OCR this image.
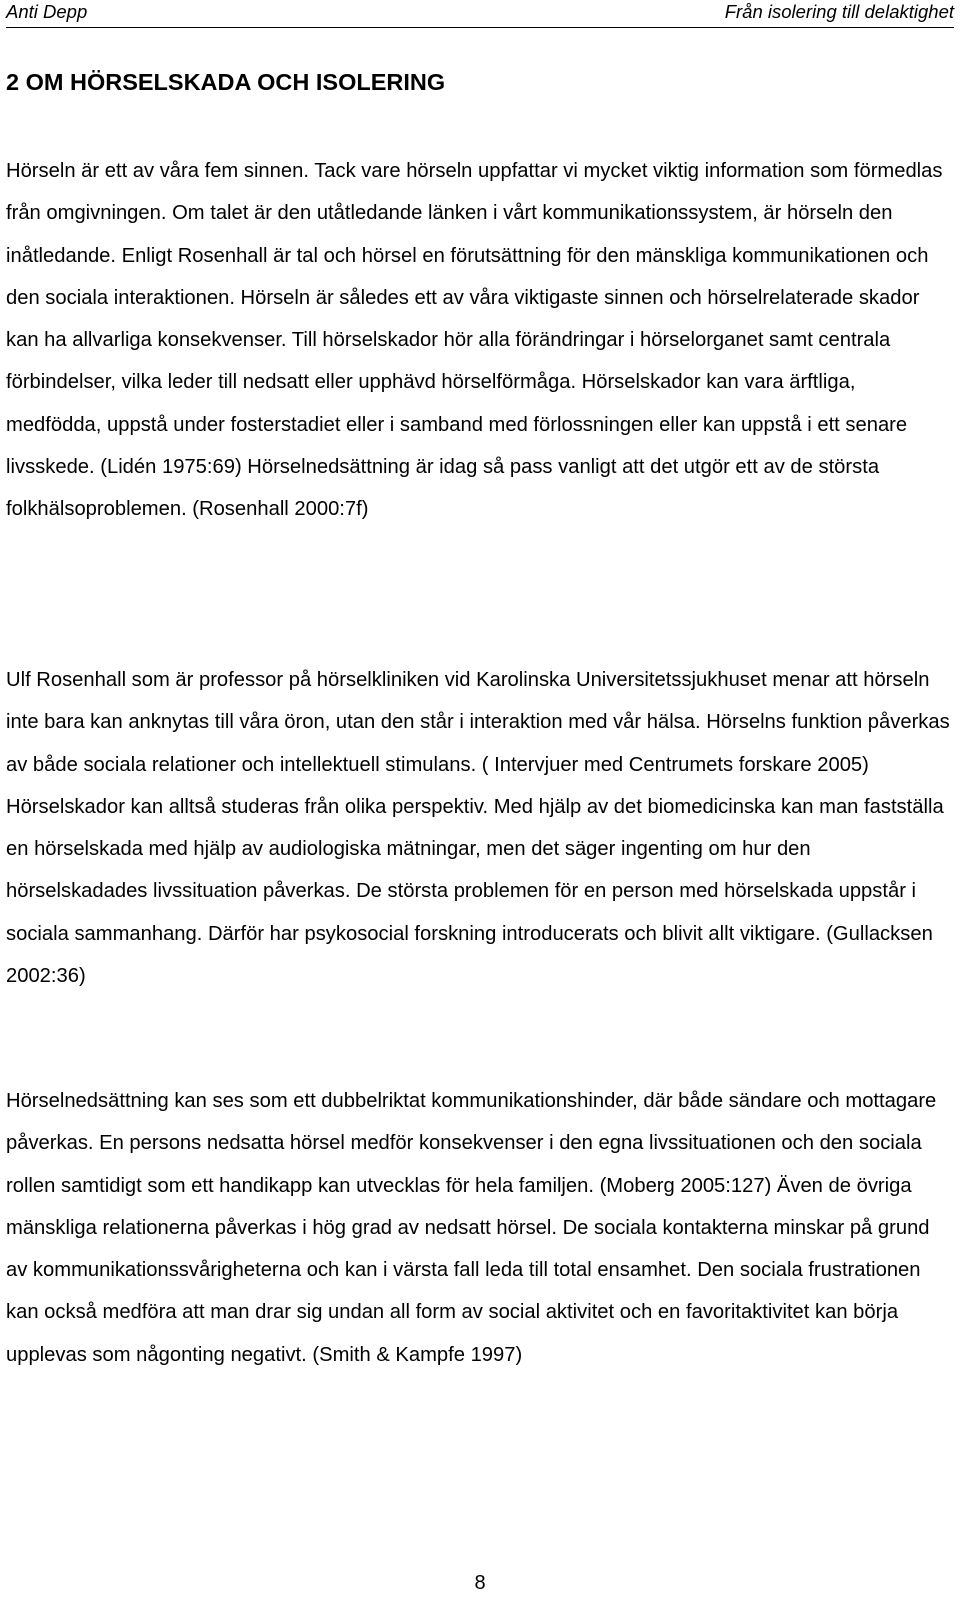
Anti Depp	Från isolering till delaktighet
2 OM HÖRSELSKADA OCH ISOLERING

Hörseln är ett av våra fem sinnen. Tack vare hörseln uppfattar vi mycket viktig information som förmedlas från omgivningen. Om talet är den utåtledande länken i vårt kommunikationssystem, är hörseln den inåtledande. Enligt Rosenhall är tal och hörsel en förutsättning för den mänskliga kommunikationen och den sociala interaktionen. Hörseln är således ett av våra viktigaste sinnen och hörselrelaterade skador kan ha allvarliga konsekvenser. Till hörselskador hör alla förändringar i hörselorganet samt centrala förbindelser, vilka leder till nedsatt eller upphävd hörselförmåga. Hörselskador kan vara ärftliga, medfödda, uppstå under fosterstadiet eller i samband med förlossningen eller kan uppstå i ett senare livsskede. (Lidén 1975:69) Hörselnedsättning är idag så pass vanligt att det utgör ett av de största folkhälsoproblemen. (Rosenhall 2000:7f)

Ulf Rosenhall som är professor på hörselkliniken vid Karolinska Universitetssjukhuset menar att hörseln inte bara kan anknytas till våra öron, utan den står i interaktion med vår hälsa. Hörselns funktion påverkas av både sociala relationer och intellektuell stimulans. ( Intervjuer med Centrumets forskare 2005) Hörselskador kan alltså studeras från olika perspektiv. Med hjälp av det biomedicinska kan man fastställa en hörselskada med hjälp av audiologiska mätningar, men det säger ingenting om hur den hörselskadades livssituation påverkas. De största problemen för en person med hörselskada uppstår i sociala sammanhang. Därför har psykosocial forskning introducerats och blivit allt viktigare. (Gullacksen 2002:36)

Hörselnedsättning kan ses som ett dubbelriktat kommunikationshinder, där både sändare och mottagare påverkas. En persons nedsatta hörsel medför konsekvenser i den egna livssituationen och den sociala rollen samtidigt som ett handikapp kan utvecklas för hela familjen. (Moberg 2005:127) Även de övriga mänskliga relationerna påverkas i hög grad av nedsatt hörsel. De sociala kontakterna minskar på grund av kommunikationssvårigheterna och kan i värsta fall leda till total ensamhet. Den sociala frustrationen kan också medföra att man drar sig undan all form av social aktivitet och en favoritaktivitet kan börja upplevas som någonting negativt. (Smith & Kampfe 1997)

8
